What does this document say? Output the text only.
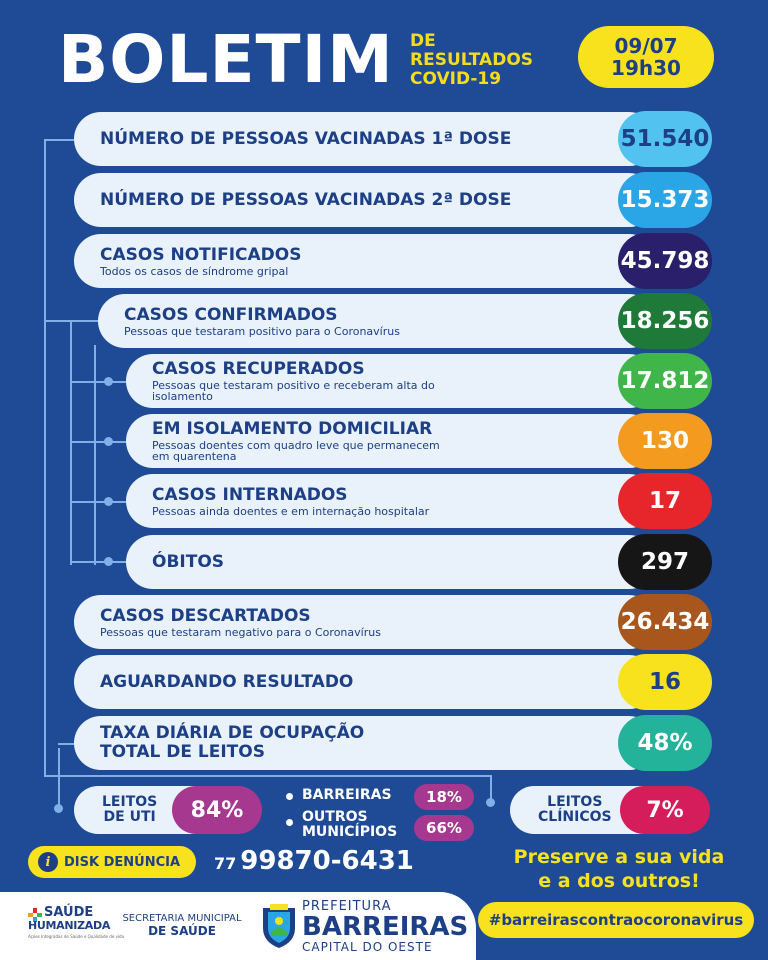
BOLETIM DE
RESULTADOS
COVID-19
09/07
19h30
NÚMERO DE PESSOAS VACINADAS 1ª DOSE	51.540
NÚMERO DE PESSOAS VACINADAS 2ª DOSE	15.373
CASOS NOTIFICADOS
Todos os casos de síndrome gripal	45.798
CASOS CONFIRMADOS
Pessoas que testaram positivo para o Coronavírus	18.256
CASOS RECUPERADOS
Pessoas que testaram positivo e receberam alta do
isolamento
17.812
EM ISOLAMENTO DOMICILIAR
Pessoas doentes com quadro leve que permanecem
em quarentena
130
CASOS INTERNADOS
Pessoas ainda doentes e em internação hospitalar	17
ÓBITOS	297
CASOS DESCARTADOS
Pessoas que testaram negativo para o Coronavírus	26.434
AGUARDANDO RESULTADO	16
TAXA DIÁRIA DE OCUPAÇÃO
TOTAL DE LEITOS	48%
LEITOS
DE UTI	84%
BARREIRAS	18%
OUTROS
MUNICÍPIOS	66%
LEITOS
CLÍNICOS	7%
i	DISK DENÚNCIA 77 99870-6431	Preserve a sua vida
e a dos outros!
SAÚDE
HUMANIZADA
Ações Integradas de Saúde e Qualidade de vida
SECRETARIA MUNICIPAL
DE SAÚDE
PREFEITURA
BARREIRAS
CAPITAL DO OESTE
#barreirascontraocoronavirus
